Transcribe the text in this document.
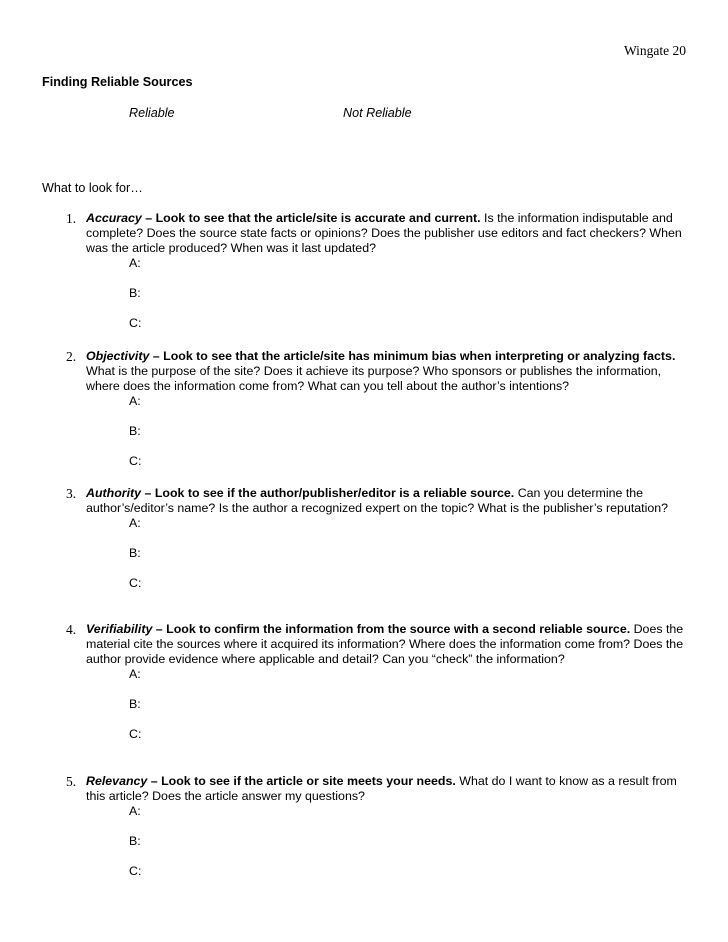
Wingate 20
Finding Reliable Sources
Reliable	Not Reliable
What to look for…
1. Accuracy – Look to see that the article/site is accurate and current. Is the information indisputable and complete? Does the source state facts or opinions? Does the publisher use editors and fact checkers? When was the article produced? When was it last updated?

A:
B:
C:
2. Objectivity – Look to see that the article/site has minimum bias when interpreting or analyzing facts. What is the purpose of the site? Does it achieve its purpose? Who sponsors or publishes the information, where does the information come from? What can you tell about the author’s intentions?

A:
B:
C:
3. Authority – Look to see if the author/publisher/editor is a reliable source. Can you determine the author’s/editor’s name? Is the author a recognized expert on the topic? What is the publisher’s reputation?

A:
B:
C:
4. Verifiability – Look to confirm the information from the source with a second reliable source. Does the material cite the sources where it acquired its information? Where does the information come from? Does the author provide evidence where applicable and detail? Can you “check” the information?

A:
B:
C:
5. Relevancy – Look to see if the article or site meets your needs. What do I want to know as a result from this article? Does the article answer my questions?

A:
B:
C:
